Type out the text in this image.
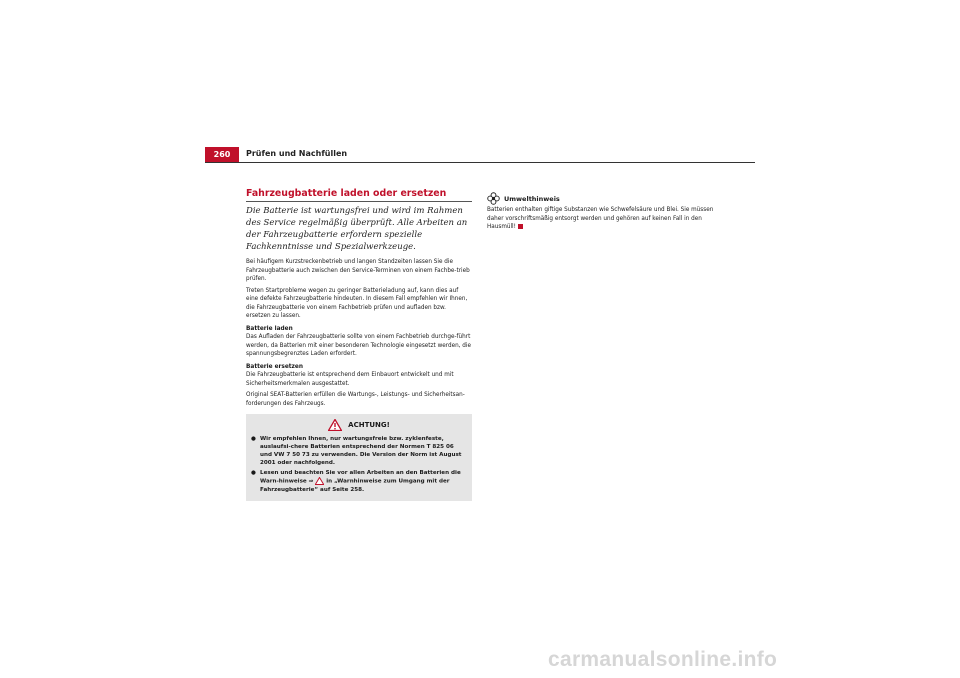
260	Prüfen und Nachfüllen
Fahrzeugbatterie laden oder ersetzen

Die Batterie ist wartungsfrei und wird im Rahmen des Service regelmäßig überprüft. Alle Arbeiten an der Fahrzeugbatterie erfordern spezielle Fachkenntnisse und Spezialwerkzeuge.

Bei häufigem Kurzstreckenbetrieb und langen Standzeiten lassen Sie die Fahrzeugbatterie auch zwischen den Service-Terminen von einem Fachbe-trieb prüfen.

Treten Startprobleme wegen zu geringer Batterieladung auf, kann dies auf eine defekte Fahrzeugbatterie hindeuten. In diesem Fall empfehlen wir Ihnen, die Fahrzeugbatterie von einem Fachbetrieb prüfen und aufladen bzw. ersetzen zu lassen.

Batterie laden

Das Aufladen der Fahrzeugbatterie sollte von einem Fachbetrieb durchge-führt werden, da Batterien mit einer besonderen Technologie eingesetzt werden, die spannungsbegrenztes Laden erfordert.

Batterie ersetzen

Die Fahrzeugbatterie ist entsprechend dem Einbauort entwickelt und mit Sicherheitsmerkmalen ausgestattet.

Original SEAT-Batterien erfüllen die Wartungs-, Leistungs- und Sicherheitsan-forderungen des Fahrzeugs.

ACHTUNG!
● Wir empfehlen Ihnen, nur wartungsfreie bzw. zyklenfeste, auslaufsi-chere Batterien entsprechend der Normen T 825 06 und VW 7 50 73 zu verwenden. Die Version der Norm ist August 2001 oder nachfolgend.
● Lesen und beachten Sie vor allen Arbeiten an den Batterien die Warn-hinweise ⇒ in „Warnhinweise zum Umgang mit der Fahrzeugbatterie“ auf Seite 258.
Umwelthinweis

Batterien enthalten giftige Substanzen wie Schwefelsäure und Blei. Sie müssen daher vorschriftsmäßig entsorgt werden und gehören auf keinen Fall in den Hausmüll!

carmanualsonline.info
